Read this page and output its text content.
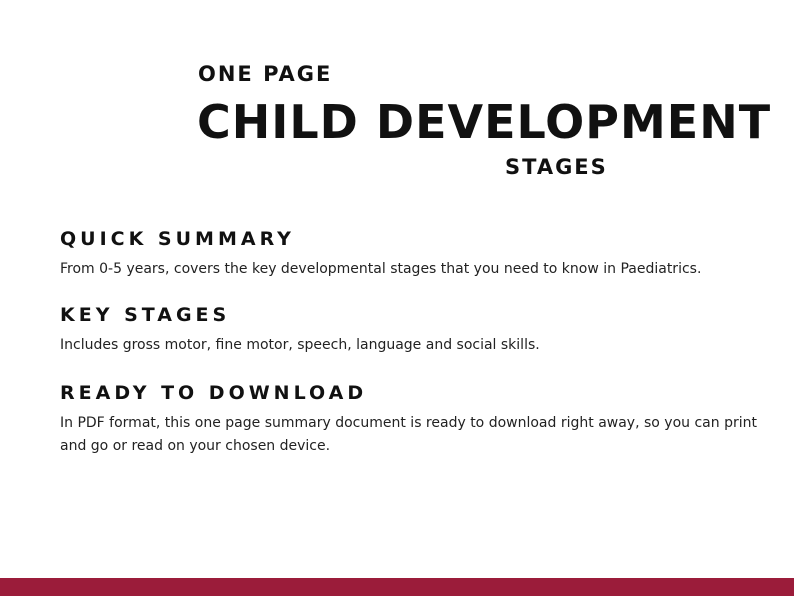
ONE PAGE
CHILD DEVELOPMENT
STAGES
QUICK SUMMARY

From 0-5 years, covers the key developmental stages that you need to know in Paediatrics.

KEY STAGES

Includes gross motor, fine motor, speech, language and social skills.

READY TO DOWNLOAD

In PDF format, this one page summary document is ready to download right away, so you can print and go or read on your chosen device.
